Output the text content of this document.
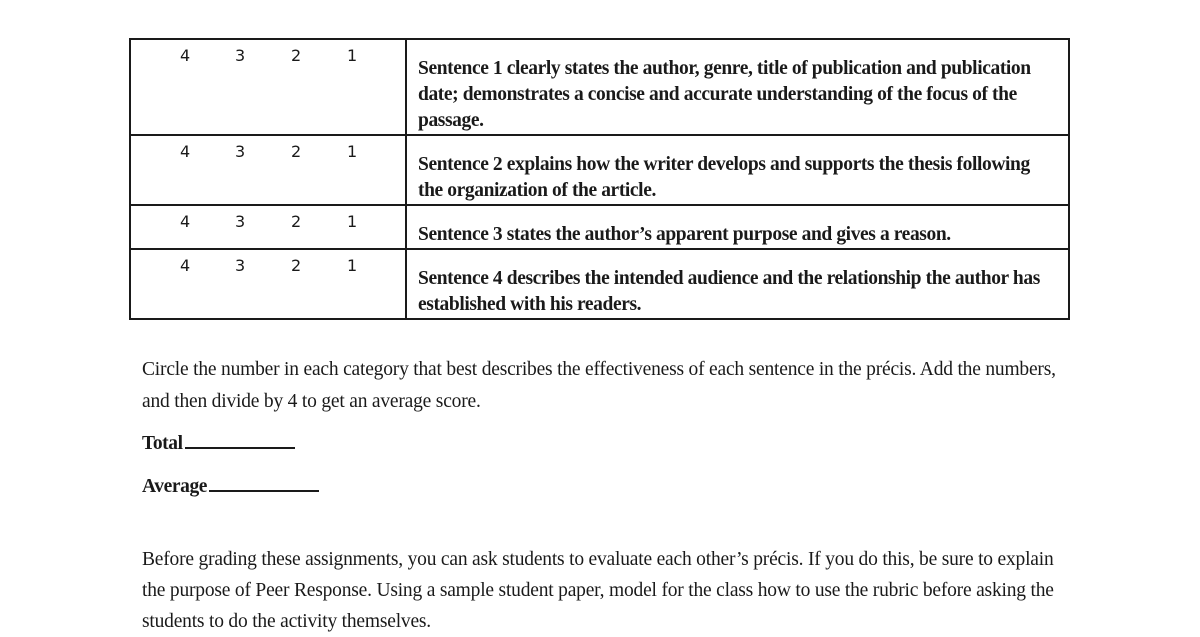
4 3 2 1	Sentence 1 clearly states the author, genre, title of publication and publication date; demonstrates a concise and accurate understanding of the focus of the passage.

4 3 2 1	Sentence 2 explains how the writer develops and supports the thesis following the organization of the article.

4 3 2 1	Sentence 3 states the author’s apparent purpose and gives a reason.

4 3 2 1	Sentence 4 describes the intended audience and the relationship the author has established with his readers.

Circle the number in each category that best describes the effectiveness of each sentence in the précis. Add the numbers, and then divide by 4 to get an average score.

Total

Average

Before grading these assignments, you can ask students to evaluate each other’s précis. If you do this, be sure to explain the purpose of Peer Response. Using a sample student paper, model for the class how to use the rubric before asking the students to do the activity themselves.
